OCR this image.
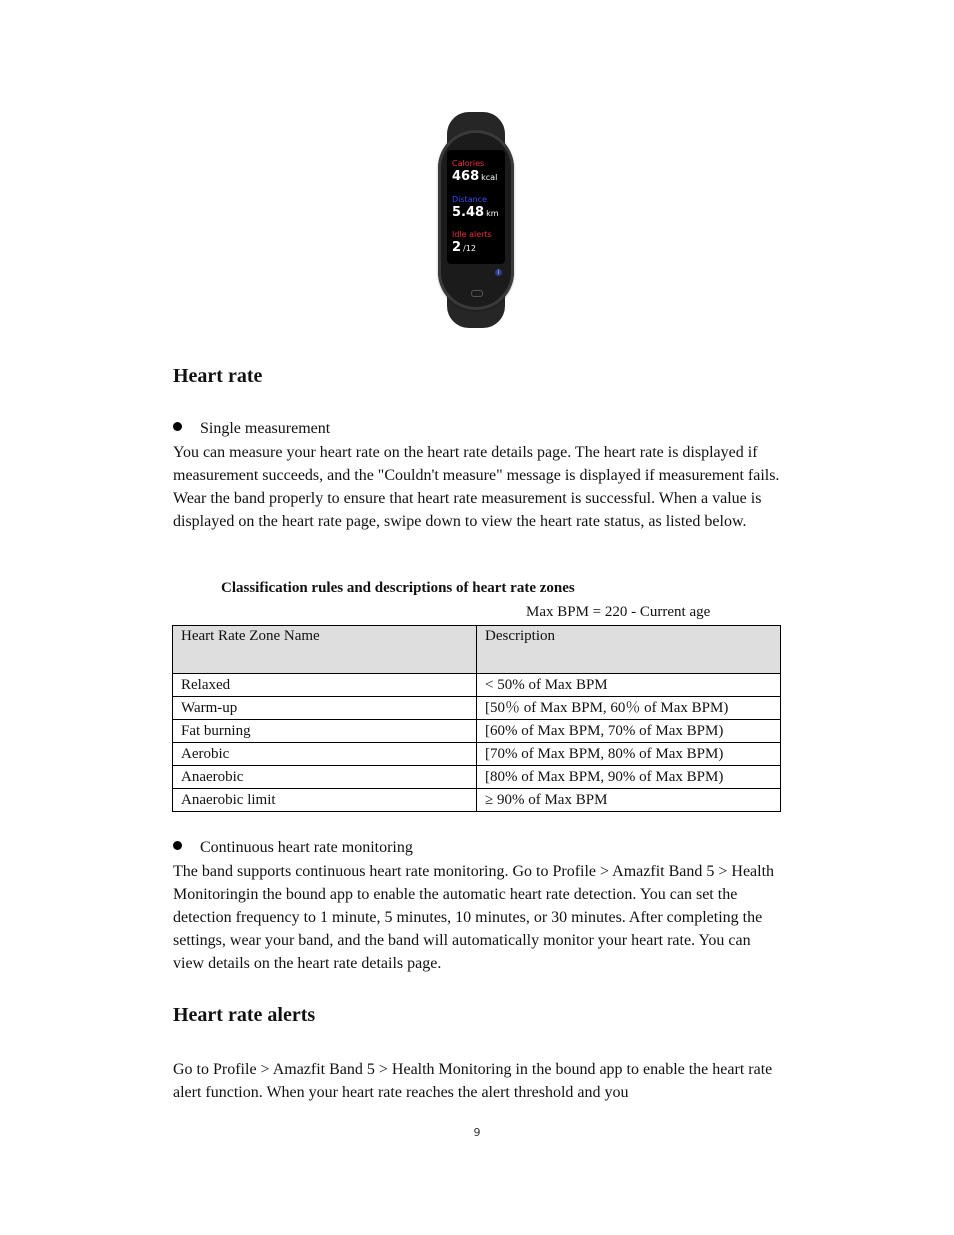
Calories
468 kcal
Distance
5.48 km
Idle alerts
2 /12
i
Heart rate
Single measurement

You can measure your heart rate on the heart rate details page. The heart rate is displayed if measurement succeeds, and the "Couldn't measure" message is displayed if measurement fails. Wear the band properly to ensure that heart rate measurement is successful. When a value is displayed on the heart rate page, swipe down to view the heart rate status, as listed below.

Classification rules and descriptions of heart rate zones
Max BPM = 220 - Current age
Heart Rate Zone Name	Description
Relaxed	< 50% of Max BPM
Warm-up	[50％ of Max BPM, 60％ of Max BPM)
Fat burning	[60% of Max BPM, 70% of Max BPM)
Aerobic	[70% of Max BPM, 80% of Max BPM)
Anaerobic	[80% of Max BPM, 90% of Max BPM)
Anaerobic limit	≥ 90% of Max BPM
Continuous heart rate monitoring

The band supports continuous heart rate monitoring. Go to Profile > Amazfit Band 5 > Health Monitoringin the bound app to enable the automatic heart rate detection. You can set the detection frequency to 1 minute, 5 minutes, 10 minutes, or 30 minutes. After completing the settings, wear your band, and the band will automatically monitor your heart rate. You can view details on the heart rate details page.

Heart rate alerts

Go to Profile > Amazfit Band 5 > Health Monitoring in the bound app to enable the heart rate alert function. When your heart rate reaches the alert threshold and you

9
